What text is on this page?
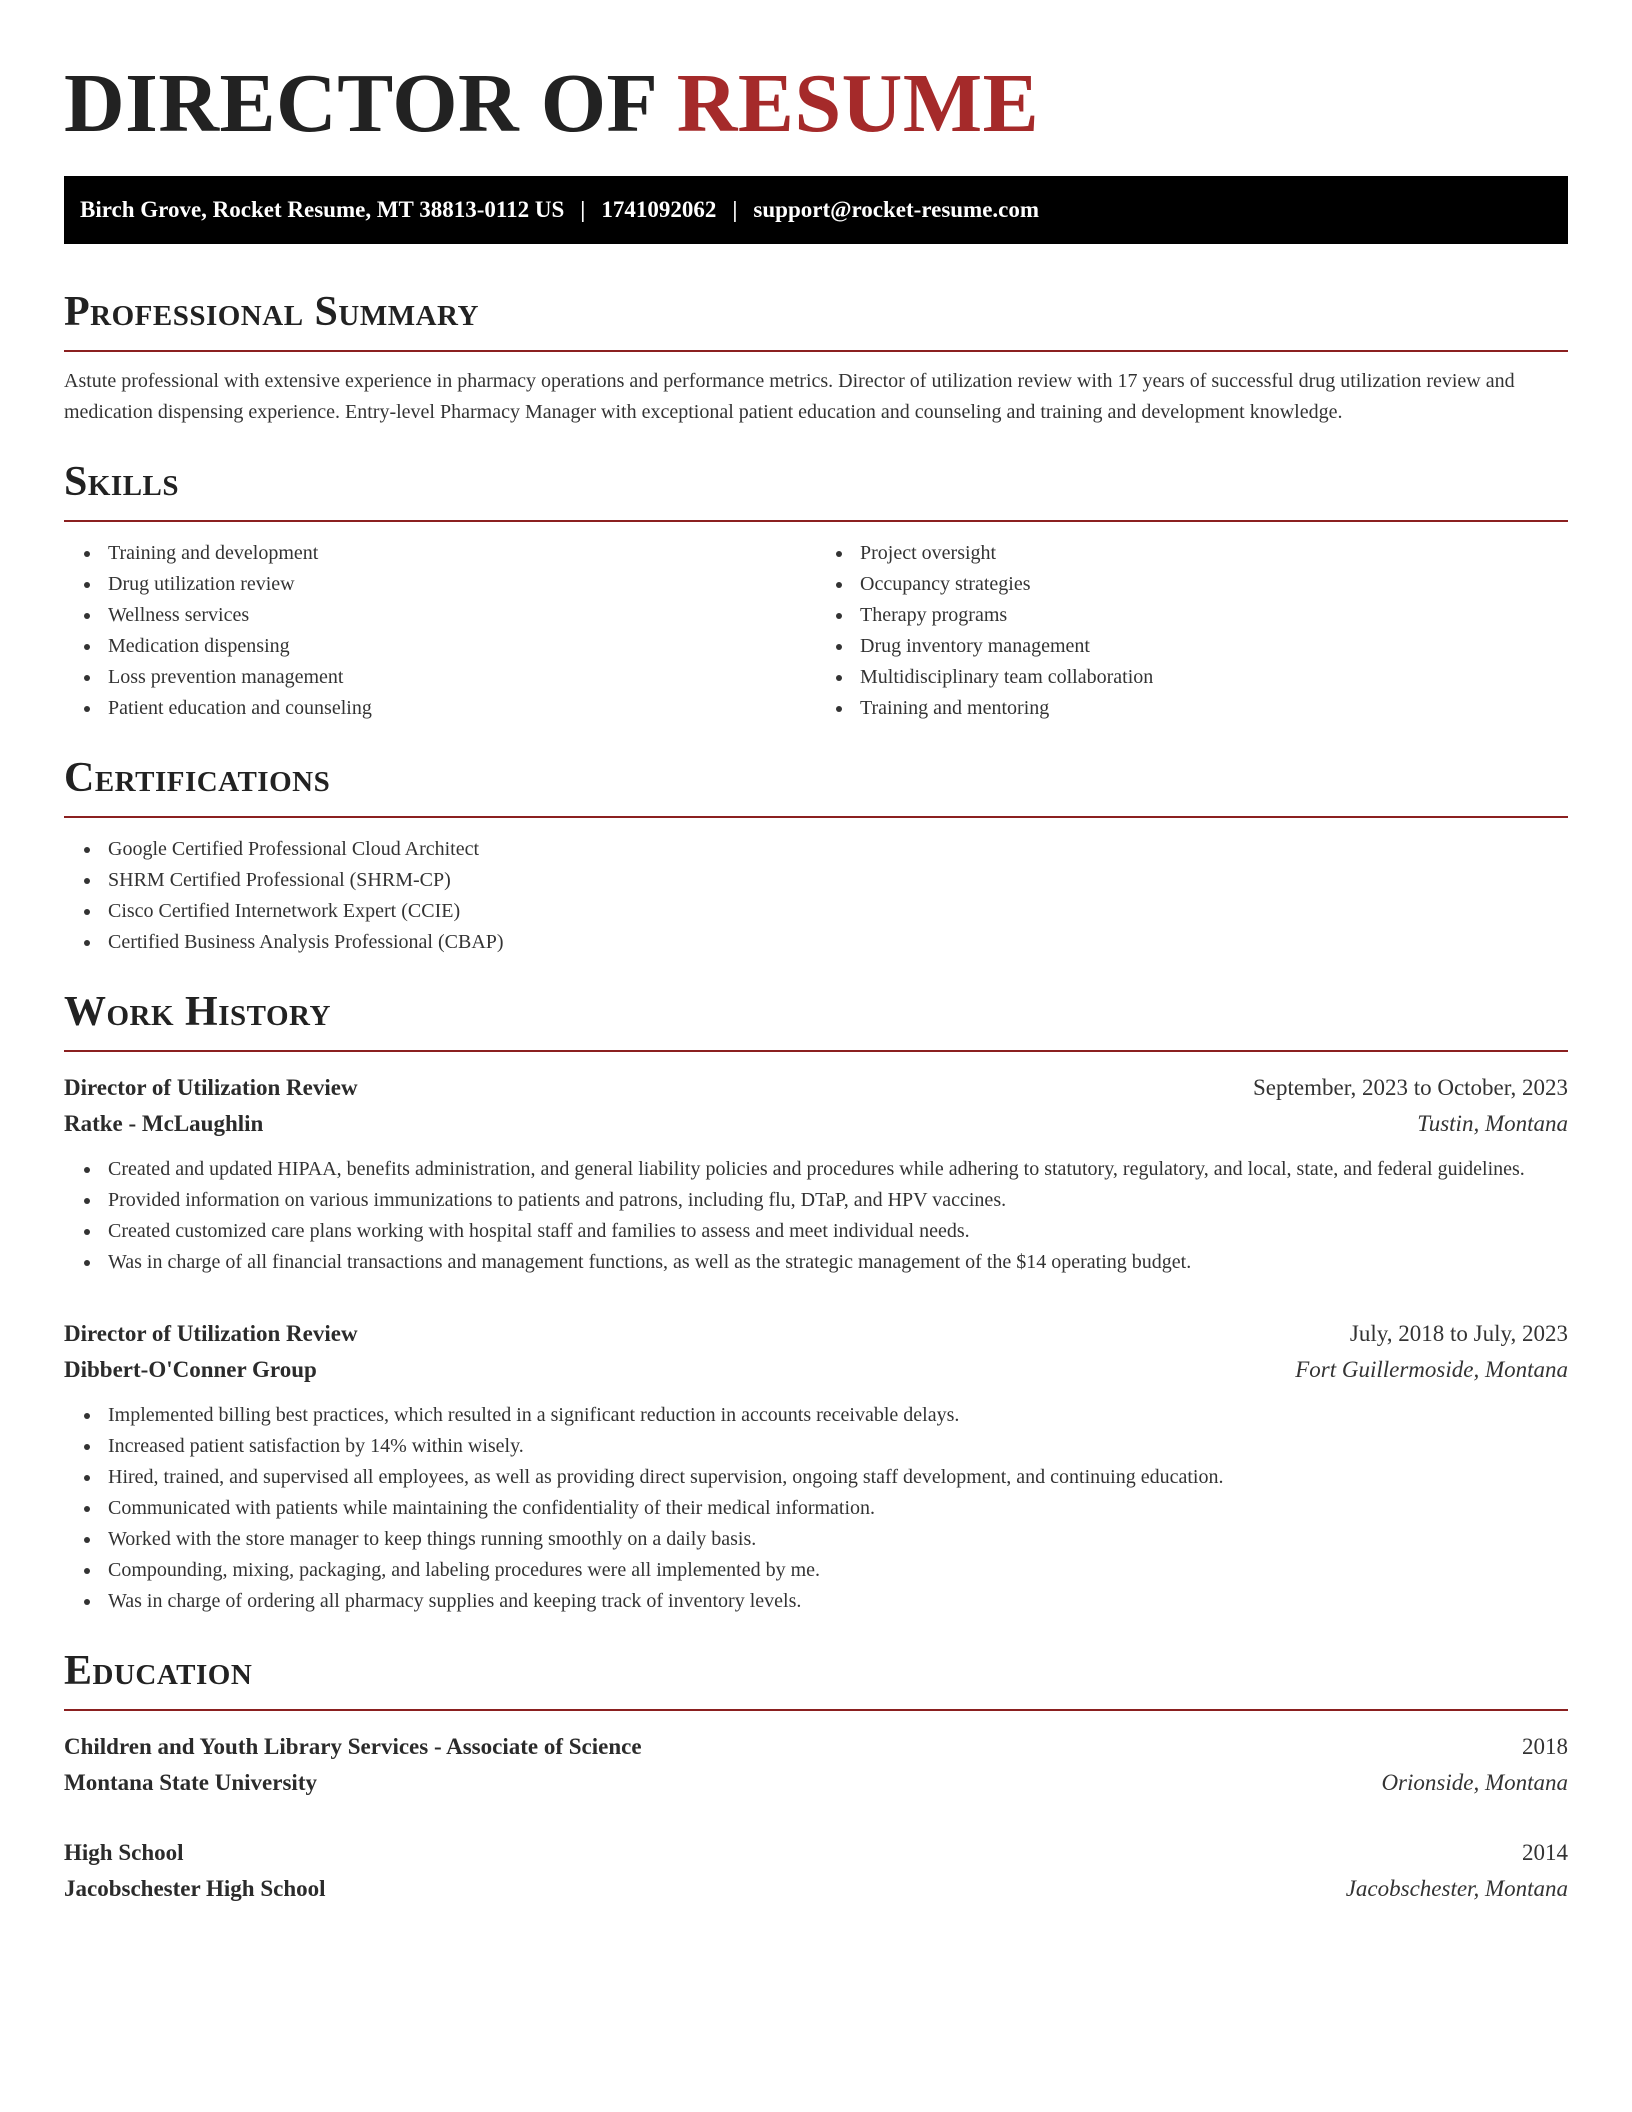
DIRECTOR OF RESUME
Birch Grove, Rocket Resume, MT 38813-0112 US | 1741092062 | support@rocket-resume.com
Professional Summary

Astute professional with extensive experience in pharmacy operations and performance metrics. Director of utilization review with 17 years of successful drug utilization review and medication dispensing experience. Entry-level Pharmacy Manager with exceptional patient education and counseling and training and development knowledge.

Skills
Training and development
Drug utilization review
Wellness services
Medication dispensing
Loss prevention management
Patient education and counseling
Project oversight
Occupancy strategies
Therapy programs
Drug inventory management
Multidisciplinary team collaboration
Training and mentoring
Certifications
Google Certified Professional Cloud Architect
SHRM Certified Professional (SHRM-CP)
Cisco Certified Internetwork Expert (CCIE)
Certified Business Analysis Professional (CBAP)
Work History
Director of Utilization Review	September, 2023 to October, 2023
Ratke - McLaughlin	Tustin, Montana
Created and updated HIPAA, benefits administration, and general liability policies and procedures while adhering to statutory, regulatory, and local, state, and federal guidelines.
Provided information on various immunizations to patients and patrons, including flu, DTaP, and HPV vaccines.
Created customized care plans working with hospital staff and families to assess and meet individual needs.
Was in charge of all financial transactions and management functions, as well as the strategic management of the $14 operating budget.
Director of Utilization Review	July, 2018 to July, 2023
Dibbert-O'Conner Group	Fort Guillermoside, Montana
Implemented billing best practices, which resulted in a significant reduction in accounts receivable delays.
Increased patient satisfaction by 14% within wisely.
Hired, trained, and supervised all employees, as well as providing direct supervision, ongoing staff development, and continuing education.
Communicated with patients while maintaining the confidentiality of their medical information.
Worked with the store manager to keep things running smoothly on a daily basis.
Compounding, mixing, packaging, and labeling procedures were all implemented by me.
Was in charge of ordering all pharmacy supplies and keeping track of inventory levels.
Education
Children and Youth Library Services - Associate of Science	2018
Montana State University	Orionside, Montana
High School	2014
Jacobschester High School	Jacobschester, Montana
